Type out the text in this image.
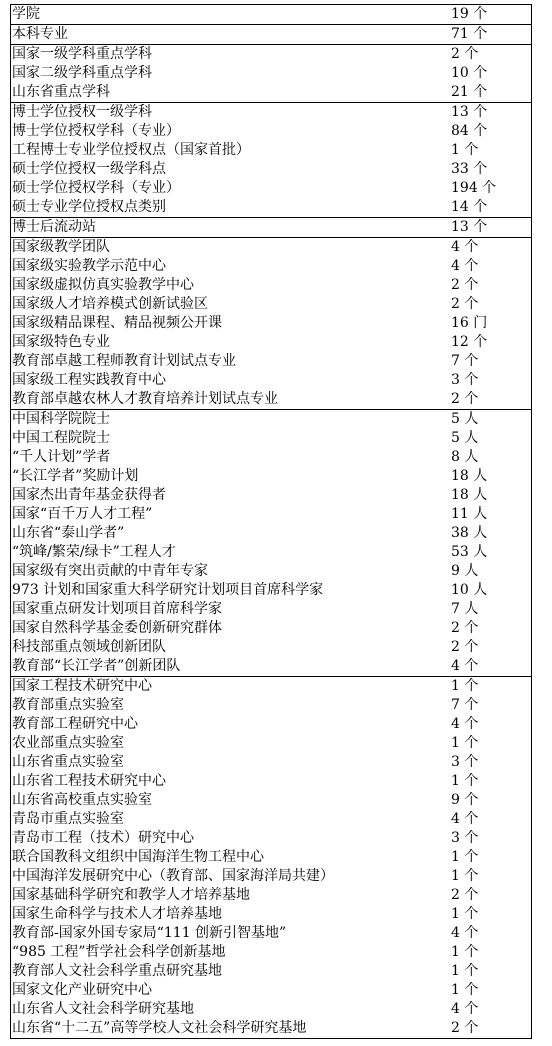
学院	19 个
本科专业	71 个
国家一级学科重点学科	2 个
国家二级学科重点学科	10 个
山东省重点学科	21 个
博士学位授权一级学科	13 个
博士学位授权学科（专业）	84 个
工程博士专业学位授权点（国家首批）	1 个
硕士学位授权一级学科点	33 个
硕士学位授权学科（专业）	194 个
硕士专业学位授权点类别	14 个
博士后流动站	13 个
国家级教学团队	4 个
国家级实验教学示范中心	4 个
国家级虚拟仿真实验教学中心	2 个
国家级人才培养模式创新试验区	2 个
国家级精品课程、精品视频公开课	16 门
国家级特色专业	12 个
教育部卓越工程师教育计划试点专业	7 个
国家级工程实践教育中心	3 个
教育部卓越农林人才教育培养计划试点专业	2 个
中国科学院院士	5 人
中国工程院院士	5 人
“千人计划”学者	8 人
“长江学者”奖励计划	18 人
国家杰出青年基金获得者	18 人
国家“百千万人才工程”	11 人
山东省“泰山学者”	38 人
“筑峰/繁荣/绿卡”工程人才	53 人
国家级有突出贡献的中青年专家	9 人
973 计划和国家重大科学研究计划项目首席科学家	10 人
国家重点研发计划项目首席科学家	7 人
国家自然科学基金委创新研究群体	2 个
科技部重点领域创新团队	2 个
教育部“长江学者”创新团队	4 个
国家工程技术研究中心	1 个
教育部重点实验室	7 个
教育部工程研究中心	4 个
农业部重点实验室	1 个
山东省重点实验室	3 个
山东省工程技术研究中心	1 个
山东省高校重点实验室	9 个
青岛市重点实验室	4 个
青岛市工程（技术）研究中心	3 个
联合国教科文组织中国海洋生物工程中心	1 个
中国海洋发展研究中心（教育部、国家海洋局共建）	1 个
国家基础科学研究和教学人才培养基地	2 个
国家生命科学与技术人才培养基地	1 个
教育部-国家外国专家局“111 创新引智基地”	4 个
“985 工程”哲学社会科学创新基地	1 个
教育部人文社会科学重点研究基地	1 个
国家文化产业研究中心	1 个
山东省人文社会科学研究基地	4 个
山东省“十二五”高等学校人文社会科学研究基地	2 个
